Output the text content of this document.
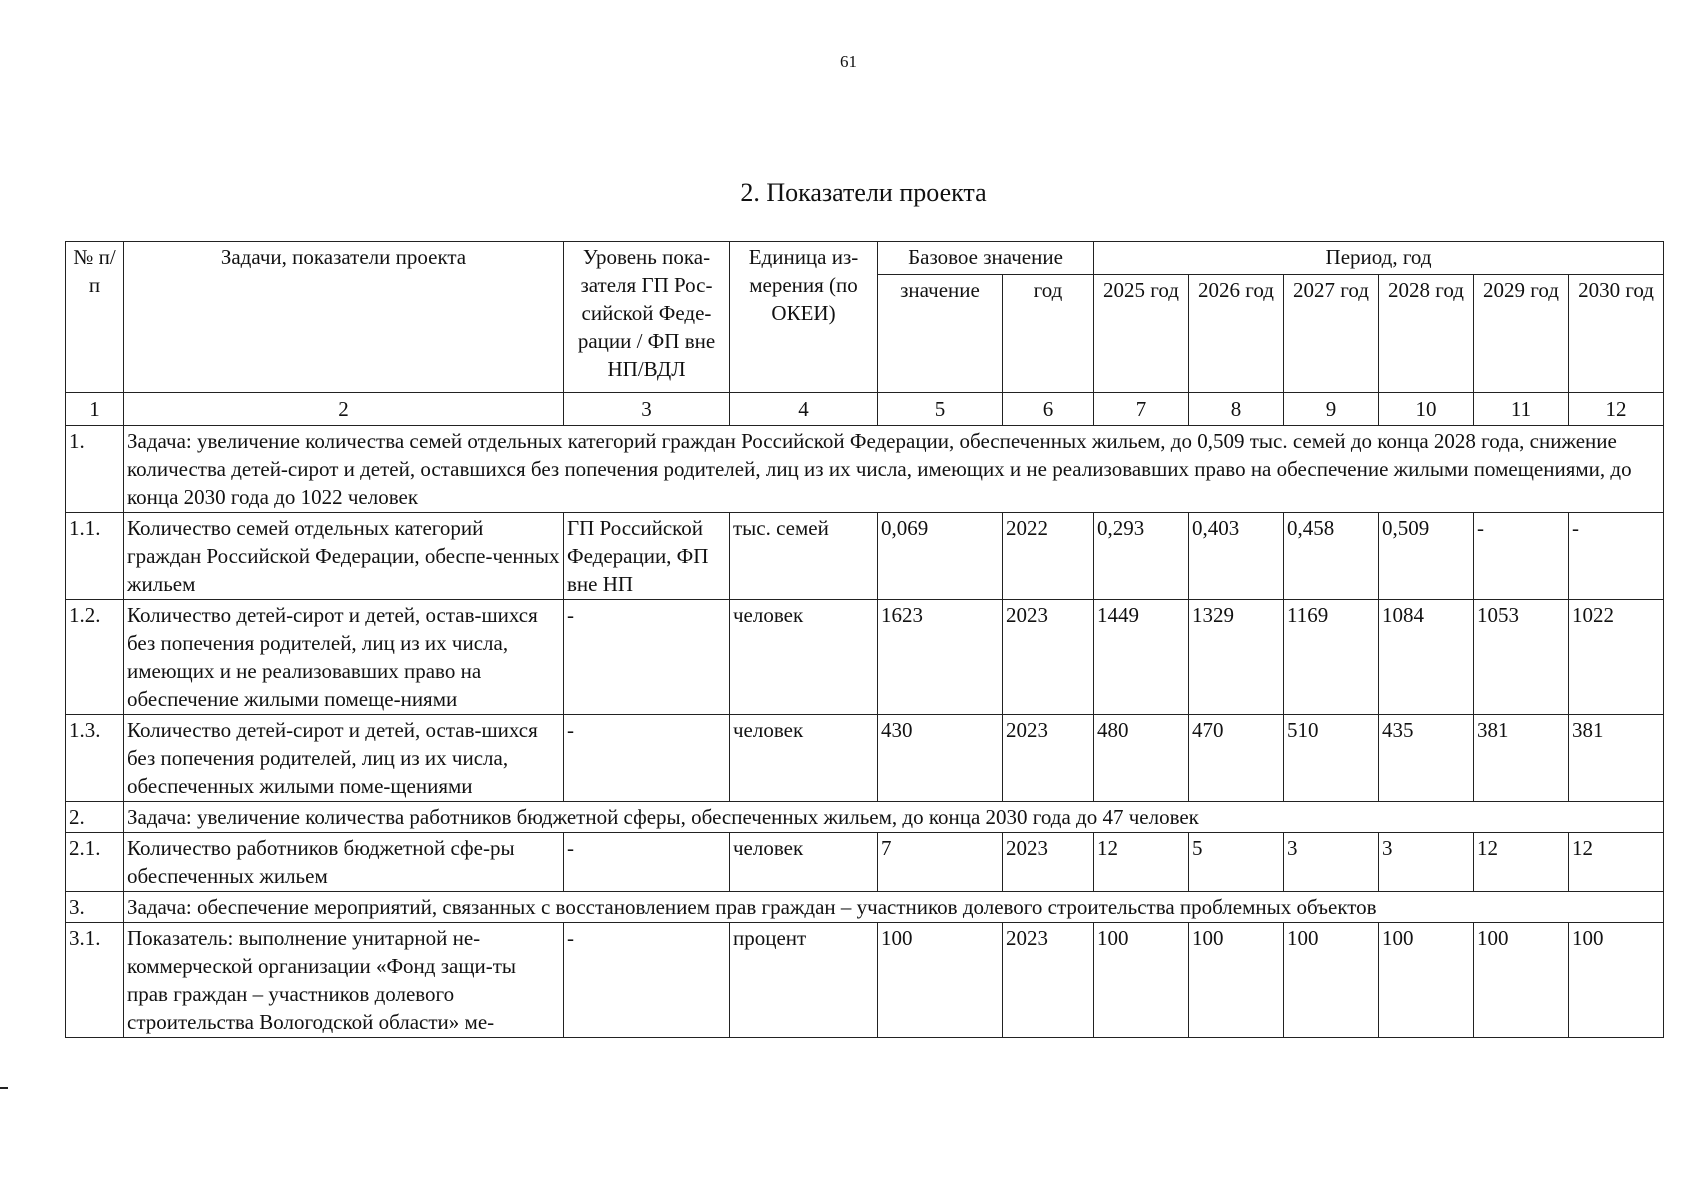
61
2. Показатели проекта
№ п/п	Задачи, показатели проекта	Уровень пока-зателя ГП Рос-сийской Феде-рации / ФП вне НП/ВДЛ	Единица из-мерения (по ОКЕИ)	Базовое значение		Период, год					
				значение	год	2025 год	2026 год	2027 год	2028 год	2029 год	2030 год
1	2	3	4	5	6	7	8	9	10	11	12
1.	Задача: увеличение количества семей отдельных категорий граждан Российской Федерации, обеспеченных жильем, до 0,509 тыс. семей до конца 2028 года, снижение количества детей-сирот и детей, оставшихся без попечения родителей, лиц из их числа, имеющих и не реализовавших право на обеспечение жилыми помещениями, до конца 2030 года до 1022 человек										
1.1.	Количество семей отдельных категорий граждан Российской Федерации, обеспе-ченных жильем	ГП Российской Федерации, ФП вне НП	тыс. семей	0,069	2022	0,293	0,403	0,458	0,509	-	-
1.2.	Количество детей-сирот и детей, остав-шихся без попечения родителей, лиц из их числа, имеющих и не реализовавших право на обеспечение жилыми помеще-ниями	-	человек	1623	2023	1449	1329	1169	1084	1053	1022
1.3.	Количество детей-сирот и детей, остав-шихся без попечения родителей, лиц из их числа, обеспеченных жилыми поме-щениями	-	человек	430	2023	480	470	510	435	381	381
2.	Задача: увеличение количества работников бюджетной сферы, обеспеченных жильем, до конца 2030 года до 47 человек										
2.1.	Количество работников бюджетной сфе-ры обеспеченных жильем	-	человек	7	2023	12	5	3	3	12	12
3.	Задача: обеспечение мероприятий, связанных с восстановлением прав граждан – участников долевого строительства проблемных объектов										
3.1.	Показатель: выполнение унитарной не-коммерческой организации «Фонд защи-ты прав граждан – участников долевого строительства Вологодской области» ме-	-	процент	100	2023	100	100	100	100	100	100
